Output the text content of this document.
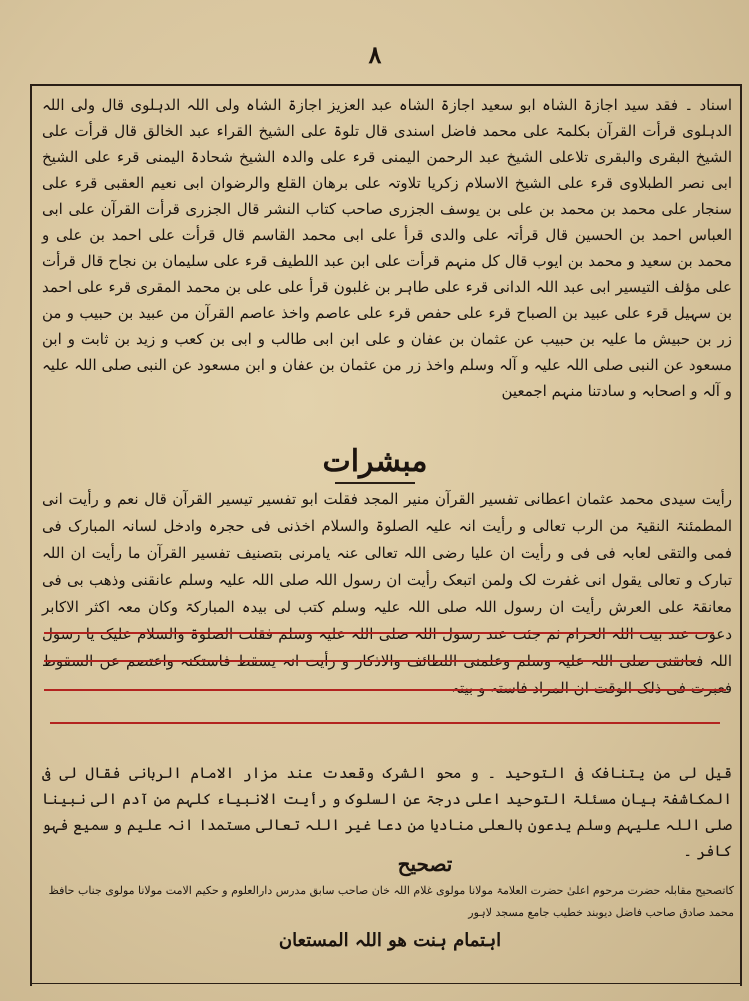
۸

اسناد ۔ فقد سید اجازۃ الشاہ ابو سعید اجازۃ الشاہ عبد العزیز اجازۃ الشاہ ولی اللہ الدہلوی قال ولی اللہ الدہلوی قرأت القرآن بکلمۃ علی محمد فاضل اسندی قال تلوۃ علی الشیخ القراء عبد الخالق قال قرأت علی الشیخ البقری والبقری تلاعلی الشیخ عبد الرحمن الیمنی قرء علی والدہ الشیخ شحادۃ الیمنی قرء علی الشیخ ابی نصر الطبلاوی قرء علی الشیخ الاسلام زکریا تلاوتہ علی برھان القلع والرضوان ابی نعیم العقبی قرء علی سنجار علی محمد بن محمد بن علی بن یوسف الجزری صاحب کتاب النشر قال الجزری قرأت القرآن علی ابی العباس احمد بن الحسین قال قرأتہ علی والدی قرأ علی ابی محمد القاسم قال قرأت علی احمد بن علی و محمد بن سعید و محمد بن ایوب قال کل منہم قرأت علی ابن عبد اللطیف قرء علی سلیمان بن نجاح قال قرأت علی مؤلف التیسیر ابی عبد اللہ الدانی قرء علی طاہر بن غلبون قرأ علی علی بن محمد المقری قرء علی احمد بن سہیل قرء علی عبید بن الصباح قرء علی حفص قرء علی عاصم واخذ عاصم القرآن من عبید بن حبیب و من زر بن حبیش ما علیہ بن حبیب عن عثمان بن عفان و علی ابن ابی طالب و ابی بن کعب و زید بن ثابت و ابن مسعود عن النبی صلی اللہ علیہ و آلہ وسلم واخذ زر من عثمان بن عفان و ابن مسعود عن النبی صلی اللہ علیہ و آلہ و اصحابہ و سادتنا منہم اجمعین

مبشرات

رأیت سیدی محمد عثمان اعطانی تفسیر القرآن منیر المجد فقلت ابو تفسیر تیسیر القرآن قال نعم و رأیت انی المطمئنۃ النقیۃ من الرب تعالی و رأیت انہ علیہ الصلوۃ والسلام اخذنی فی حجرہ وادخل لسانہ المبارک فی فمی والتقی لعابہ فی فی و رأیت ان علیا رضی اللہ تعالی عنہ یامرنی بتصنیف تفسیر القرآن ما رأیت ان اللہ تبارک و تعالی یقول انی غفرت لک ولمن اتبعک رأیت ان رسول اللہ صلی اللہ علیہ وسلم عانقنی وذھب بی فی معانقۃ علی العرش رأیت ان رسول اللہ صلی اللہ علیہ وسلم کتب لی بیدہ المبارکۃ وکان معہ اکثر الاکابر دعوت عند بیت اللہ الحرام ثم جئت عند رسول اللہ صلی اللہ علیہ وسلم فقلت الصلوۃ والسلام علیک یا رسول اللہ فعانقنی صلی اللہ علیہ وسلم وعلمنی اللطائف والاذکار و رأیت انہ یسقط فاستکنہ واعتصم عن السقوط فعبرت فی ذلک الوقت ان المراد فاستہ و بیتہ

قیل لی من یتنافک فی التوحید ۔ و محو الشرک وقعدت عند مزار الامام الربانی فقال لی فی المکاشفۃ بیان مسئلۃ التوحید اعلی درجۃ عن السلوک و رأیت الانبیاء کلہم من آدم الی نبینا صلی اللہ علیہم وسلم یدعون بالعلی منادیا من دعا غیر اللہ تعالی مستمدا انہ علیم و سمیع فہو کافر ۔

تصحیح

کاتصحیح مقابلہ حضرت مرحوم اعلیٰ حضرت العلامۃ مولانا مولوی غلام اللہ خان صاحب سابق مدرس دارالعلوم و حکیم الامت مولانا مولوی جناب حافظ محمد صادق صاحب فاضل دیوبند خطیب جامع مسجد لاہور

اہتمام ہنت ھو اللہ المستعان
